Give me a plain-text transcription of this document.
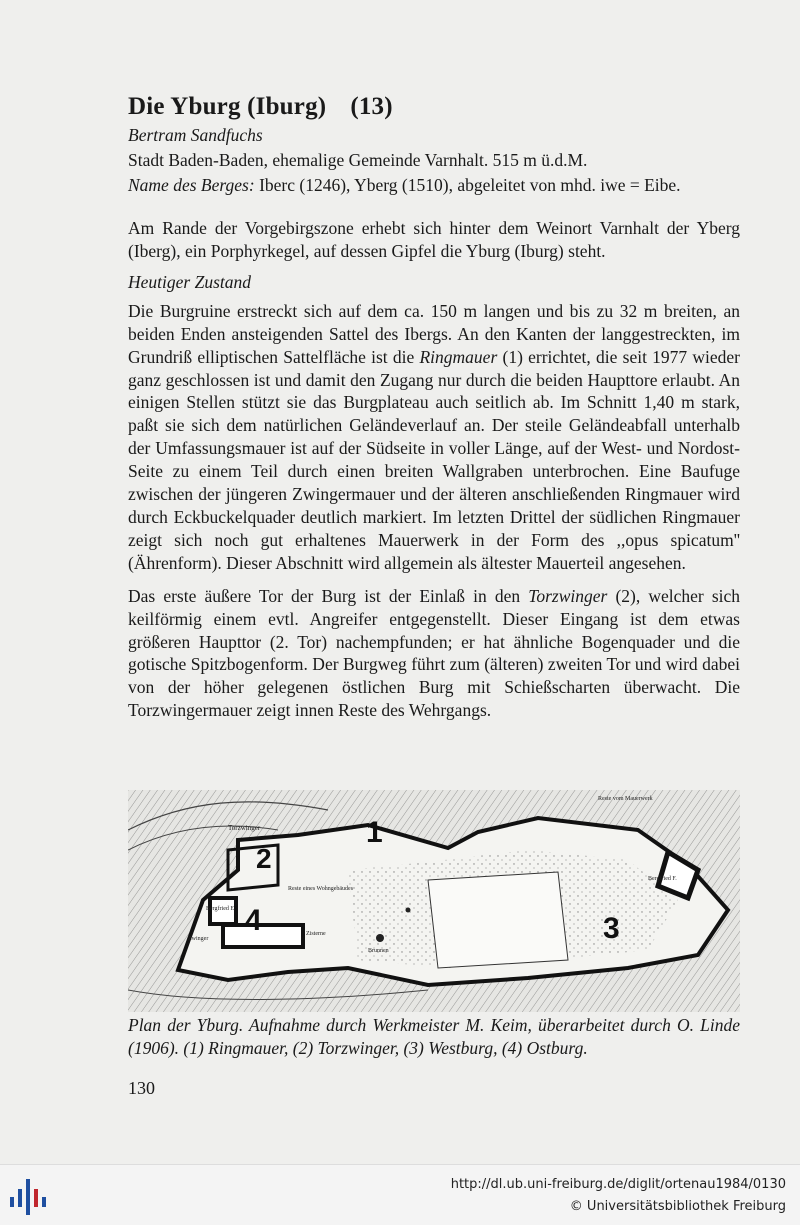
Die Yburg (Iburg) (13)

Bertram Sandfuchs

Stadt Baden-Baden, ehemalige Gemeinde Varnhalt. 515 m ü.d.M.

Name des Berges: Iberc (1246), Yberg (1510), abgeleitet von mhd. iwe = Eibe.

Am Rande der Vorgebirgszone erhebt sich hinter dem Weinort Varnhalt der Yberg (Iberg), ein Porphyrkegel, auf dessen Gipfel die Yburg (Iburg) steht.

Heutiger Zustand

Die Burgruine erstreckt sich auf dem ca. 150 m langen und bis zu 32 m breiten, an beiden Enden ansteigenden Sattel des Ibergs. An den Kanten der langgestreckten, im Grundriß elliptischen Sattelfläche ist die Ringmauer (1) errichtet, die seit 1977 wieder ganz geschlossen ist und damit den Zugang nur durch die beiden Haupttore erlaubt. An einigen Stellen stützt sie das Burgplateau auch seitlich ab. Im Schnitt 1,40 m stark, paßt sie sich dem natürlichen Geländeverlauf an. Der steile Geländeabfall unterhalb der Umfassungsmauer ist auf der Südseite in voller Länge, auf der West- und Nordost-Seite zu einem Teil durch einen breiten Wallgraben unterbrochen. Eine Baufuge zwischen der jüngeren Zwingermauer und der älteren anschließenden Ringmauer wird durch Eckbuckelquader deutlich markiert. Im letzten Drittel der südlichen Ringmauer zeigt sich noch gut erhaltenes Mauerwerk in der Form des ,,opus spicatum'' (Ährenform). Dieser Abschnitt wird allgemein als ältester Mauerteil angesehen.

Das erste äußere Tor der Burg ist der Einlaß in den Torzwinger (2), welcher sich keilförmig einem evtl. Angreifer entgegenstellt. Dieser Eingang ist dem etwas größeren Haupttor (2. Tor) nachempfunden; er hat ähnliche Bogenquader und die gotische Spitzbogenform. Der Burgweg führt zum (älteren) zweiten Tor und wird dabei von der höher gelegenen östlichen Burg mit Schießscharten überwacht. Die Torzwingermauer zeigt innen Reste des Wehrgangs.

1
2
3
4
Torzwinger
Bergfried E.
Bergfried F.
Zwinger
Brunnen
Reste eines Wohngebäudes
Zisterne
Reste vom Mauerwerk

Plan der Yburg. Aufnahme durch Werkmeister M. Keim, überarbeitet durch O. Linde (1906). (1) Ringmauer, (2) Torzwinger, (3) Westburg, (4) Ostburg.

130

http://dl.ub.uni-freiburg.de/diglit/ortenau1984/0130

© Universitätsbibliothek Freiburg
